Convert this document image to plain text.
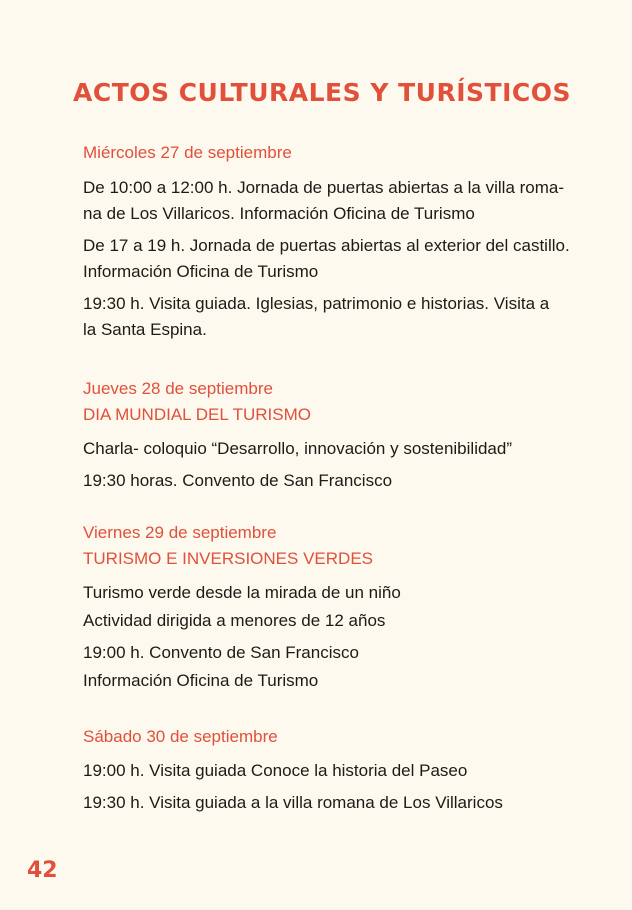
ACTOS CULTURALES Y TURÍSTICOS

Miércoles 27 de septiembre

De 10:00 a 12:00 h. Jornada de puertas abiertas a la villa roma-

na de Los Villaricos. Información Oficina de Turismo

De 17 a 19 h. Jornada de puertas abiertas al exterior del castillo.

Información Oficina de Turismo

19:30 h. Visita guiada. Iglesias, patrimonio e historias. Visita a

la Santa Espina.

Jueves 28 de septiembre

DIA MUNDIAL DEL TURISMO

Charla- coloquio “Desarrollo, innovación y sostenibilidad”

19:30 horas. Convento de San Francisco

Viernes 29 de septiembre

TURISMO E INVERSIONES VERDES

Turismo verde desde la mirada de un niño

Actividad dirigida a menores de 12 años

19:00 h. Convento de San Francisco

Información Oficina de Turismo

Sábado 30 de septiembre

19:00 h. Visita guiada Conoce la historia del Paseo

19:30 h. Visita guiada a la villa romana de Los Villaricos

42
